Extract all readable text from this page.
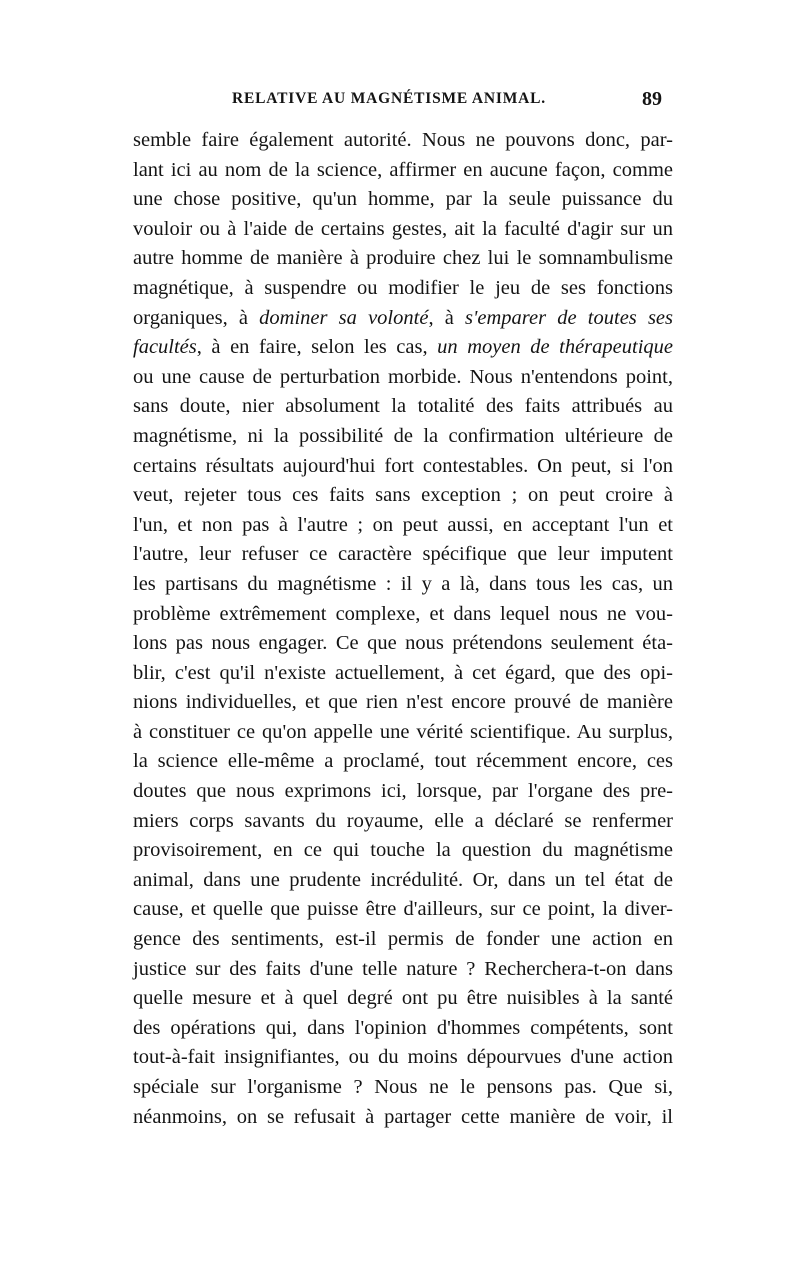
RELATIVE AU MAGNÉTISME ANIMAL.	89
semble faire également autorité. Nous ne pouvons donc, par-
lant ici au nom de la science, affirmer en aucune façon, comme
une chose positive, qu'un homme, par la seule puissance du
vouloir ou à l'aide de certains gestes, ait la faculté d'agir sur un
autre homme de manière à produire chez lui le somnambulisme
magnétique, à suspendre ou modifier le jeu de ses fonctions
organiques, à dominer sa volonté, à s'emparer de toutes ses
facultés, à en faire, selon les cas, un moyen de thérapeutique
ou une cause de perturbation morbide. Nous n'entendons point,
sans doute, nier absolument la totalité des faits attribués au
magnétisme, ni la possibilité de la confirmation ultérieure de
certains résultats aujourd'hui fort contestables. On peut, si l'on
veut, rejeter tous ces faits sans exception ; on peut croire à
l'un, et non pas à l'autre ; on peut aussi, en acceptant l'un et
l'autre, leur refuser ce caractère spécifique que leur imputent
les partisans du magnétisme : il y a là, dans tous les cas, un
problème extrêmement complexe, et dans lequel nous ne vou-
lons pas nous engager. Ce que nous prétendons seulement éta-
blir, c'est qu'il n'existe actuellement, à cet égard, que des opi-
nions individuelles, et que rien n'est encore prouvé de manière
à constituer ce qu'on appelle une vérité scientifique. Au surplus,
la science elle-même a proclamé, tout récemment encore, ces
doutes que nous exprimons ici, lorsque, par l'organe des pre-
miers corps savants du royaume, elle a déclaré se renfermer
provisoirement, en ce qui touche la question du magnétisme
animal, dans une prudente incrédulité. Or, dans un tel état de
cause, et quelle que puisse être d'ailleurs, sur ce point, la diver-
gence des sentiments, est-il permis de fonder une action en
justice sur des faits d'une telle nature ? Recherchera-t-on dans
quelle mesure et à quel degré ont pu être nuisibles à la santé
des opérations qui, dans l'opinion d'hommes compétents, sont
tout-à-fait insignifiantes, ou du moins dépourvues d'une action
spéciale sur l'organisme ? Nous ne le pensons pas. Que si,
néanmoins, on se refusait à partager cette manière de voir, il
